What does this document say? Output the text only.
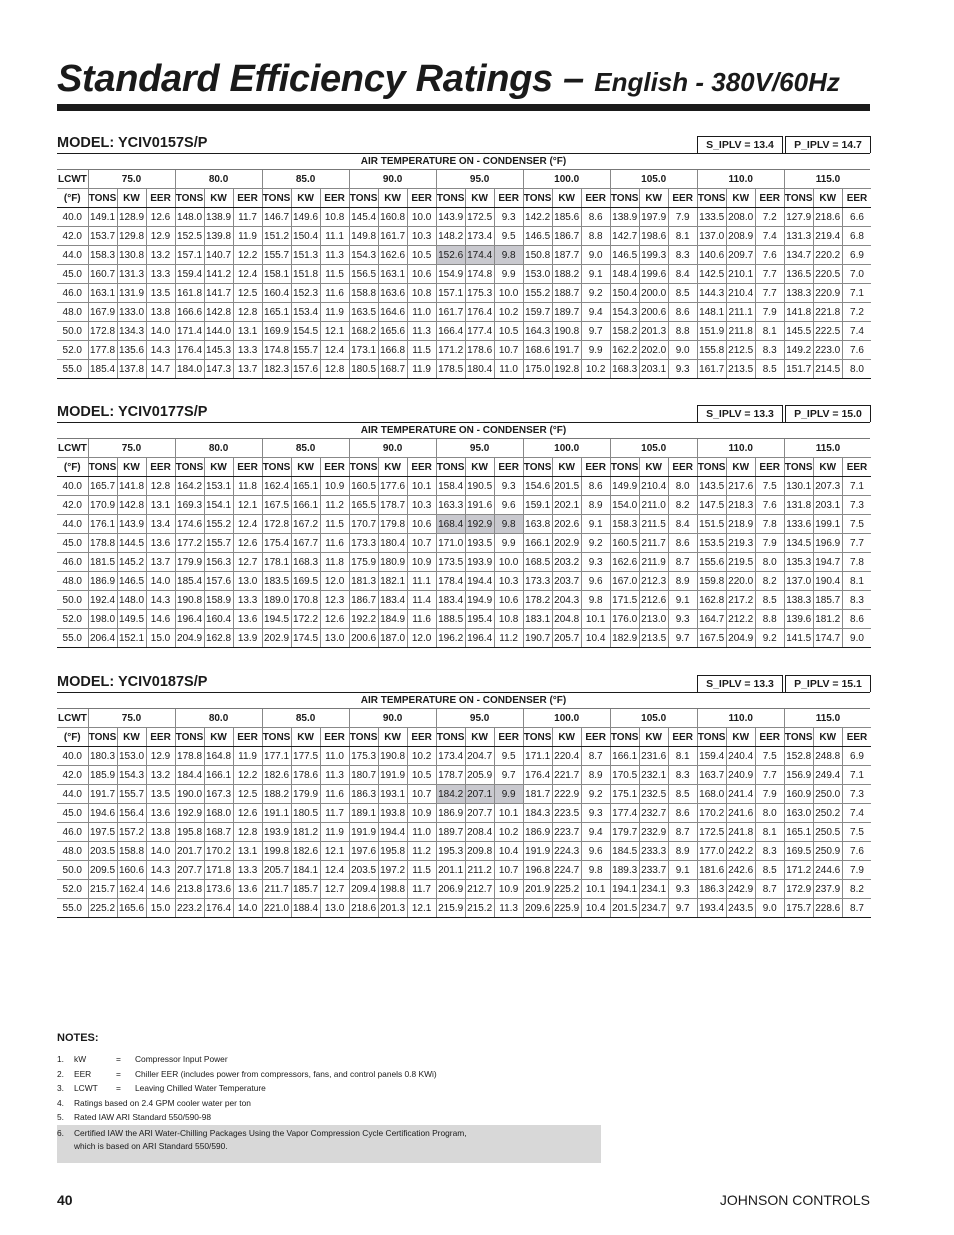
Standard Efficiency Ratings – English - 380V/60Hz
MODEL: YCIV0157S/P	S_IPLV = 13.4	P_IPLV = 14.7
AIR TEMPERATURE ON - CONDENSER (°F)
LCWT	75.0			80.0			85.0			90.0			95.0			100.0			105.0			110.0			115.0		
(°F)	TONS	KW	EER	TONS	KW	EER	TONS	KW	EER	TONS	KW	EER	TONS	KW	EER	TONS	KW	EER	TONS	KW	EER	TONS	KW	EER	TONS	KW	EER
40.0	149.1	128.9	12.6	148.0	138.9	11.7	146.7	149.6	10.8	145.4	160.8	10.0	143.9	172.5	9.3	142.2	185.6	8.6	138.9	197.9	7.9	133.5	208.0	7.2	127.9	218.6	6.6
42.0	153.7	129.8	12.9	152.5	139.8	11.9	151.2	150.4	11.1	149.8	161.7	10.3	148.2	173.4	9.5	146.5	186.7	8.8	142.7	198.6	8.1	137.0	208.9	7.4	131.3	219.4	6.8
44.0	158.3	130.8	13.2	157.1	140.7	12.2	155.7	151.3	11.3	154.3	162.6	10.5	152.6	174.4	9.8	150.8	187.7	9.0	146.5	199.3	8.3	140.6	209.7	7.6	134.7	220.2	6.9
45.0	160.7	131.3	13.3	159.4	141.2	12.4	158.1	151.8	11.5	156.5	163.1	10.6	154.9	174.8	9.9	153.0	188.2	9.1	148.4	199.6	8.4	142.5	210.1	7.7	136.5	220.5	7.0
46.0	163.1	131.9	13.5	161.8	141.7	12.5	160.4	152.3	11.6	158.8	163.6	10.8	157.1	175.3	10.0	155.2	188.7	9.2	150.4	200.0	8.5	144.3	210.4	7.7	138.3	220.9	7.1
48.0	167.9	133.0	13.8	166.6	142.8	12.8	165.1	153.4	11.9	163.5	164.6	11.0	161.7	176.4	10.2	159.7	189.7	9.4	154.3	200.6	8.6	148.1	211.1	7.9	141.8	221.8	7.2
50.0	172.8	134.3	14.0	171.4	144.0	13.1	169.9	154.5	12.1	168.2	165.6	11.3	166.4	177.4	10.5	164.3	190.8	9.7	158.2	201.3	8.8	151.9	211.8	8.1	145.5	222.5	7.4
52.0	177.8	135.6	14.3	176.4	145.3	13.3	174.8	155.7	12.4	173.1	166.8	11.5	171.2	178.6	10.7	168.6	191.7	9.9	162.2	202.0	9.0	155.8	212.5	8.3	149.2	223.0	7.6
55.0	185.4	137.8	14.7	184.0	147.3	13.7	182.3	157.6	12.8	180.5	168.7	11.9	178.5	180.4	11.0	175.0	192.8	10.2	168.3	203.1	9.3	161.7	213.5	8.5	151.7	214.5	8.0
MODEL: YCIV0177S/P	S_IPLV = 13.3	P_IPLV = 15.0
AIR TEMPERATURE ON - CONDENSER (°F)
LCWT	75.0			80.0			85.0			90.0			95.0			100.0			105.0			110.0			115.0		
(°F)	TONS	KW	EER	TONS	KW	EER	TONS	KW	EER	TONS	KW	EER	TONS	KW	EER	TONS	KW	EER	TONS	KW	EER	TONS	KW	EER	TONS	KW	EER
40.0	165.7	141.8	12.8	164.2	153.1	11.8	162.4	165.1	10.9	160.5	177.6	10.1	158.4	190.5	9.3	154.6	201.5	8.6	149.9	210.4	8.0	143.5	217.6	7.5	130.1	207.3	7.1
42.0	170.9	142.8	13.1	169.3	154.1	12.1	167.5	166.1	11.2	165.5	178.7	10.3	163.3	191.6	9.6	159.1	202.1	8.9	154.0	211.0	8.2	147.5	218.3	7.6	131.8	203.1	7.3
44.0	176.1	143.9	13.4	174.6	155.2	12.4	172.8	167.2	11.5	170.7	179.8	10.6	168.4	192.9	9.8	163.8	202.6	9.1	158.3	211.5	8.4	151.5	218.9	7.8	133.6	199.1	7.5
45.0	178.8	144.5	13.6	177.2	155.7	12.6	175.4	167.7	11.6	173.3	180.4	10.7	171.0	193.5	9.9	166.1	202.9	9.2	160.5	211.7	8.6	153.5	219.3	7.9	134.5	196.9	7.7
46.0	181.5	145.2	13.7	179.9	156.3	12.7	178.1	168.3	11.8	175.9	180.9	10.9	173.5	193.9	10.0	168.5	203.2	9.3	162.6	211.9	8.7	155.6	219.5	8.0	135.3	194.7	7.8
48.0	186.9	146.5	14.0	185.4	157.6	13.0	183.5	169.5	12.0	181.3	182.1	11.1	178.4	194.4	10.3	173.3	203.7	9.6	167.0	212.3	8.9	159.8	220.0	8.2	137.0	190.4	8.1
50.0	192.4	148.0	14.3	190.8	158.9	13.3	189.0	170.8	12.3	186.7	183.4	11.4	183.4	194.9	10.6	178.2	204.3	9.8	171.5	212.6	9.1	162.8	217.2	8.5	138.3	185.7	8.3
52.0	198.0	149.5	14.6	196.4	160.4	13.6	194.5	172.2	12.6	192.2	184.9	11.6	188.5	195.4	10.8	183.1	204.8	10.1	176.0	213.0	9.3	164.7	212.2	8.8	139.6	181.2	8.6
55.0	206.4	152.1	15.0	204.9	162.8	13.9	202.9	174.5	13.0	200.6	187.0	12.0	196.2	196.4	11.2	190.7	205.7	10.4	182.9	213.5	9.7	167.5	204.9	9.2	141.5	174.7	9.0
MODEL: YCIV0187S/P	S_IPLV = 13.3	P_IPLV = 15.1
AIR TEMPERATURE ON - CONDENSER (°F)
LCWT	75.0			80.0			85.0			90.0			95.0			100.0			105.0			110.0			115.0		
(°F)	TONS	KW	EER	TONS	KW	EER	TONS	KW	EER	TONS	KW	EER	TONS	KW	EER	TONS	KW	EER	TONS	KW	EER	TONS	KW	EER	TONS	KW	EER
40.0	180.3	153.0	12.9	178.8	164.8	11.9	177.1	177.5	11.0	175.3	190.8	10.2	173.4	204.7	9.5	171.1	220.4	8.7	166.1	231.6	8.1	159.4	240.4	7.5	152.8	248.8	6.9
42.0	185.9	154.3	13.2	184.4	166.1	12.2	182.6	178.6	11.3	180.7	191.9	10.5	178.7	205.9	9.7	176.4	221.7	8.9	170.5	232.1	8.3	163.7	240.9	7.7	156.9	249.4	7.1
44.0	191.7	155.7	13.5	190.0	167.3	12.5	188.2	179.9	11.6	186.3	193.1	10.7	184.2	207.1	9.9	181.7	222.9	9.2	175.1	232.5	8.5	168.0	241.4	7.9	160.9	250.0	7.3
45.0	194.6	156.4	13.6	192.9	168.0	12.6	191.1	180.5	11.7	189.1	193.8	10.9	186.9	207.7	10.1	184.3	223.5	9.3	177.4	232.7	8.6	170.2	241.6	8.0	163.0	250.2	7.4
46.0	197.5	157.2	13.8	195.8	168.7	12.8	193.9	181.2	11.9	191.9	194.4	11.0	189.7	208.4	10.2	186.9	223.7	9.4	179.7	232.9	8.7	172.5	241.8	8.1	165.1	250.5	7.5
48.0	203.5	158.8	14.0	201.7	170.2	13.1	199.8	182.6	12.1	197.6	195.8	11.2	195.3	209.8	10.4	191.9	224.3	9.6	184.5	233.3	8.9	177.0	242.2	8.3	169.5	250.9	7.6
50.0	209.5	160.6	14.3	207.7	171.8	13.3	205.7	184.1	12.4	203.5	197.2	11.5	201.1	211.2	10.7	196.8	224.7	9.8	189.3	233.7	9.1	181.6	242.6	8.5	171.2	244.6	7.9
52.0	215.7	162.4	14.6	213.8	173.6	13.6	211.7	185.7	12.7	209.4	198.8	11.7	206.9	212.7	10.9	201.9	225.2	10.1	194.1	234.1	9.3	186.3	242.9	8.7	172.9	237.9	8.2
55.0	225.2	165.6	15.0	223.2	176.4	14.0	221.0	188.4	13.0	218.6	201.3	12.1	215.9	215.2	11.3	209.6	225.9	10.4	201.5	234.7	9.7	193.4	243.5	9.0	175.7	228.6	8.7
NOTES:
1. kW	= Compressor Input Power
2. EER	= Chiller EER (includes power from compressors, fans, and control panels 0.8 KWi)
3. LCWT = Leaving Chilled Water Temperature
4. Ratings based on 2.4 GPM cooler water per ton
5. Rated IAW ARI Standard 550/590-98
6. Certified IAW the ARI Water-Chilling Packages Using the Vapor Compression Cycle Certification Program,

which is based on ARI Standard 550/590.
40	JOHNSON CONTROLS
